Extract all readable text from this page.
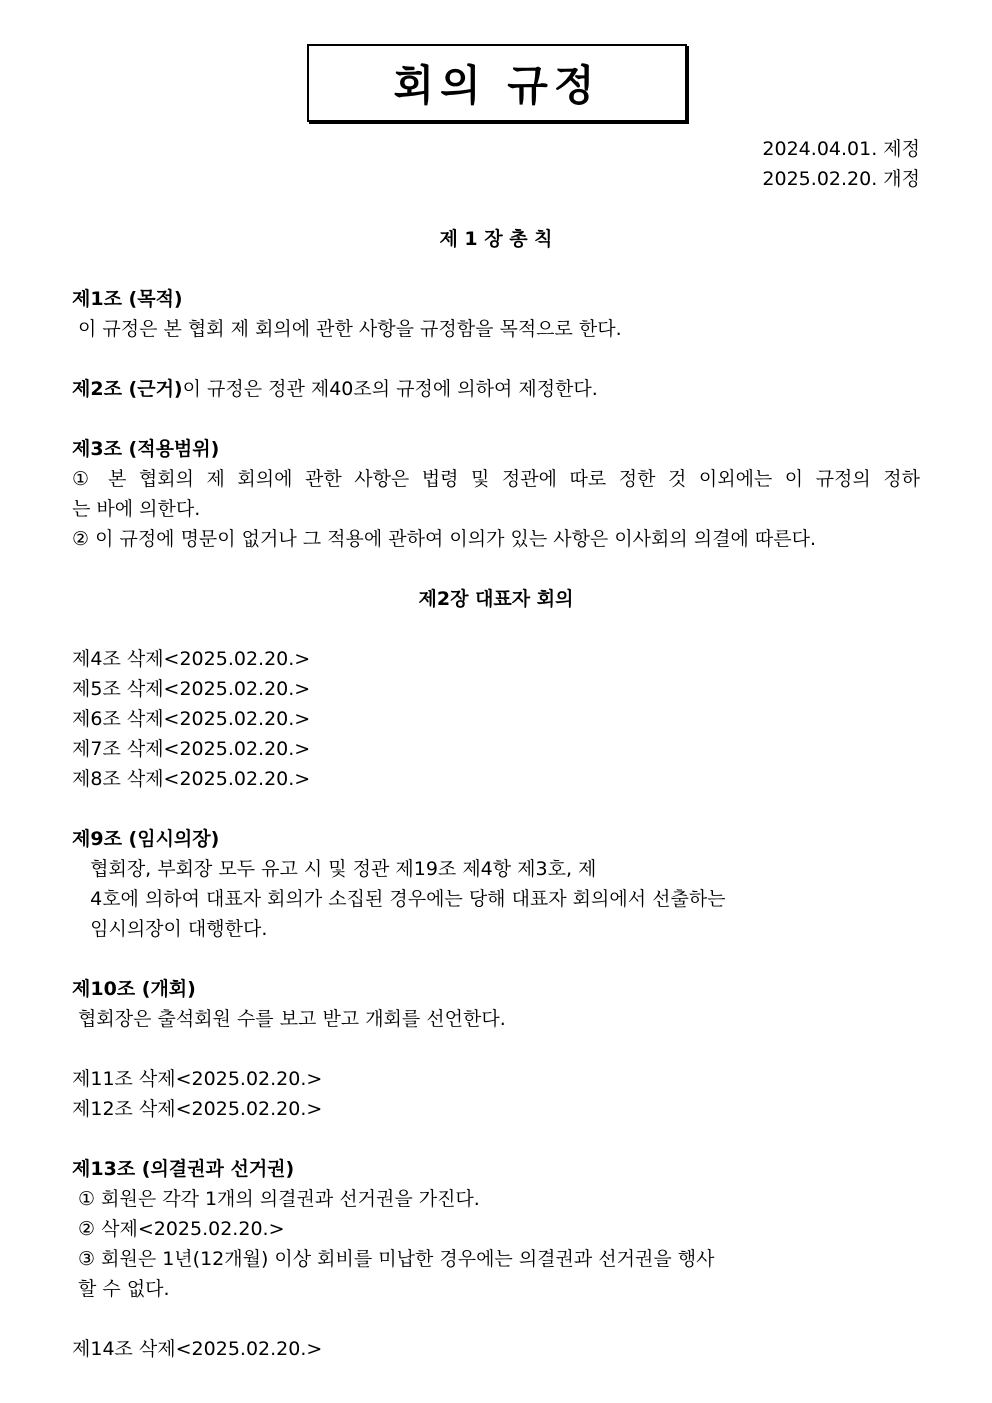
회의 규정
2024.04.01. 제정
2025.02.20. 개정
제 1 장 총 칙
제1조 (목적)
이 규정은 본 협회 제 회의에 관한 사항을 규정함을 목적으로 한다.
제2조 (근거)이 규정은 정관 제40조의 규정에 의하여 제정한다.
제3조 (적용범위)
① 본 협회의 제 회의에 관한 사항은 법령 및 정관에 따로 정한 것 이외에는 이 규정의 정하
는 바에 의한다.
② 이 규정에 명문이 없거나 그 적용에 관하여 이의가 있는 사항은 이사회의 의결에 따른다.
제2장 대표자 회의
제4조 삭제<2025.02.20.>
제5조 삭제<2025.02.20.>
제6조 삭제<2025.02.20.>
제7조 삭제<2025.02.20.>
제8조 삭제<2025.02.20.>
제9조 (임시의장)
협회장, 부회장 모두 유고 시 및 정관 제19조 제4항 제3호, 제
4호에 의하여 대표자 회의가 소집된 경우에는 당해 대표자 회의에서 선출하는
임시의장이 대행한다.
제10조 (개회)
협회장은 출석회원 수를 보고 받고 개회를 선언한다.
제11조 삭제<2025.02.20.>
제12조 삭제<2025.02.20.>
제13조 (의결권과 선거권)
① 회원은 각각 1개의 의결권과 선거권을 가진다.
② 삭제<2025.02.20.>
③ 회원은 1년(12개월) 이상 회비를 미납한 경우에는 의결권과 선거권을 행사
할 수 없다.
제14조 삭제<2025.02.20.>
